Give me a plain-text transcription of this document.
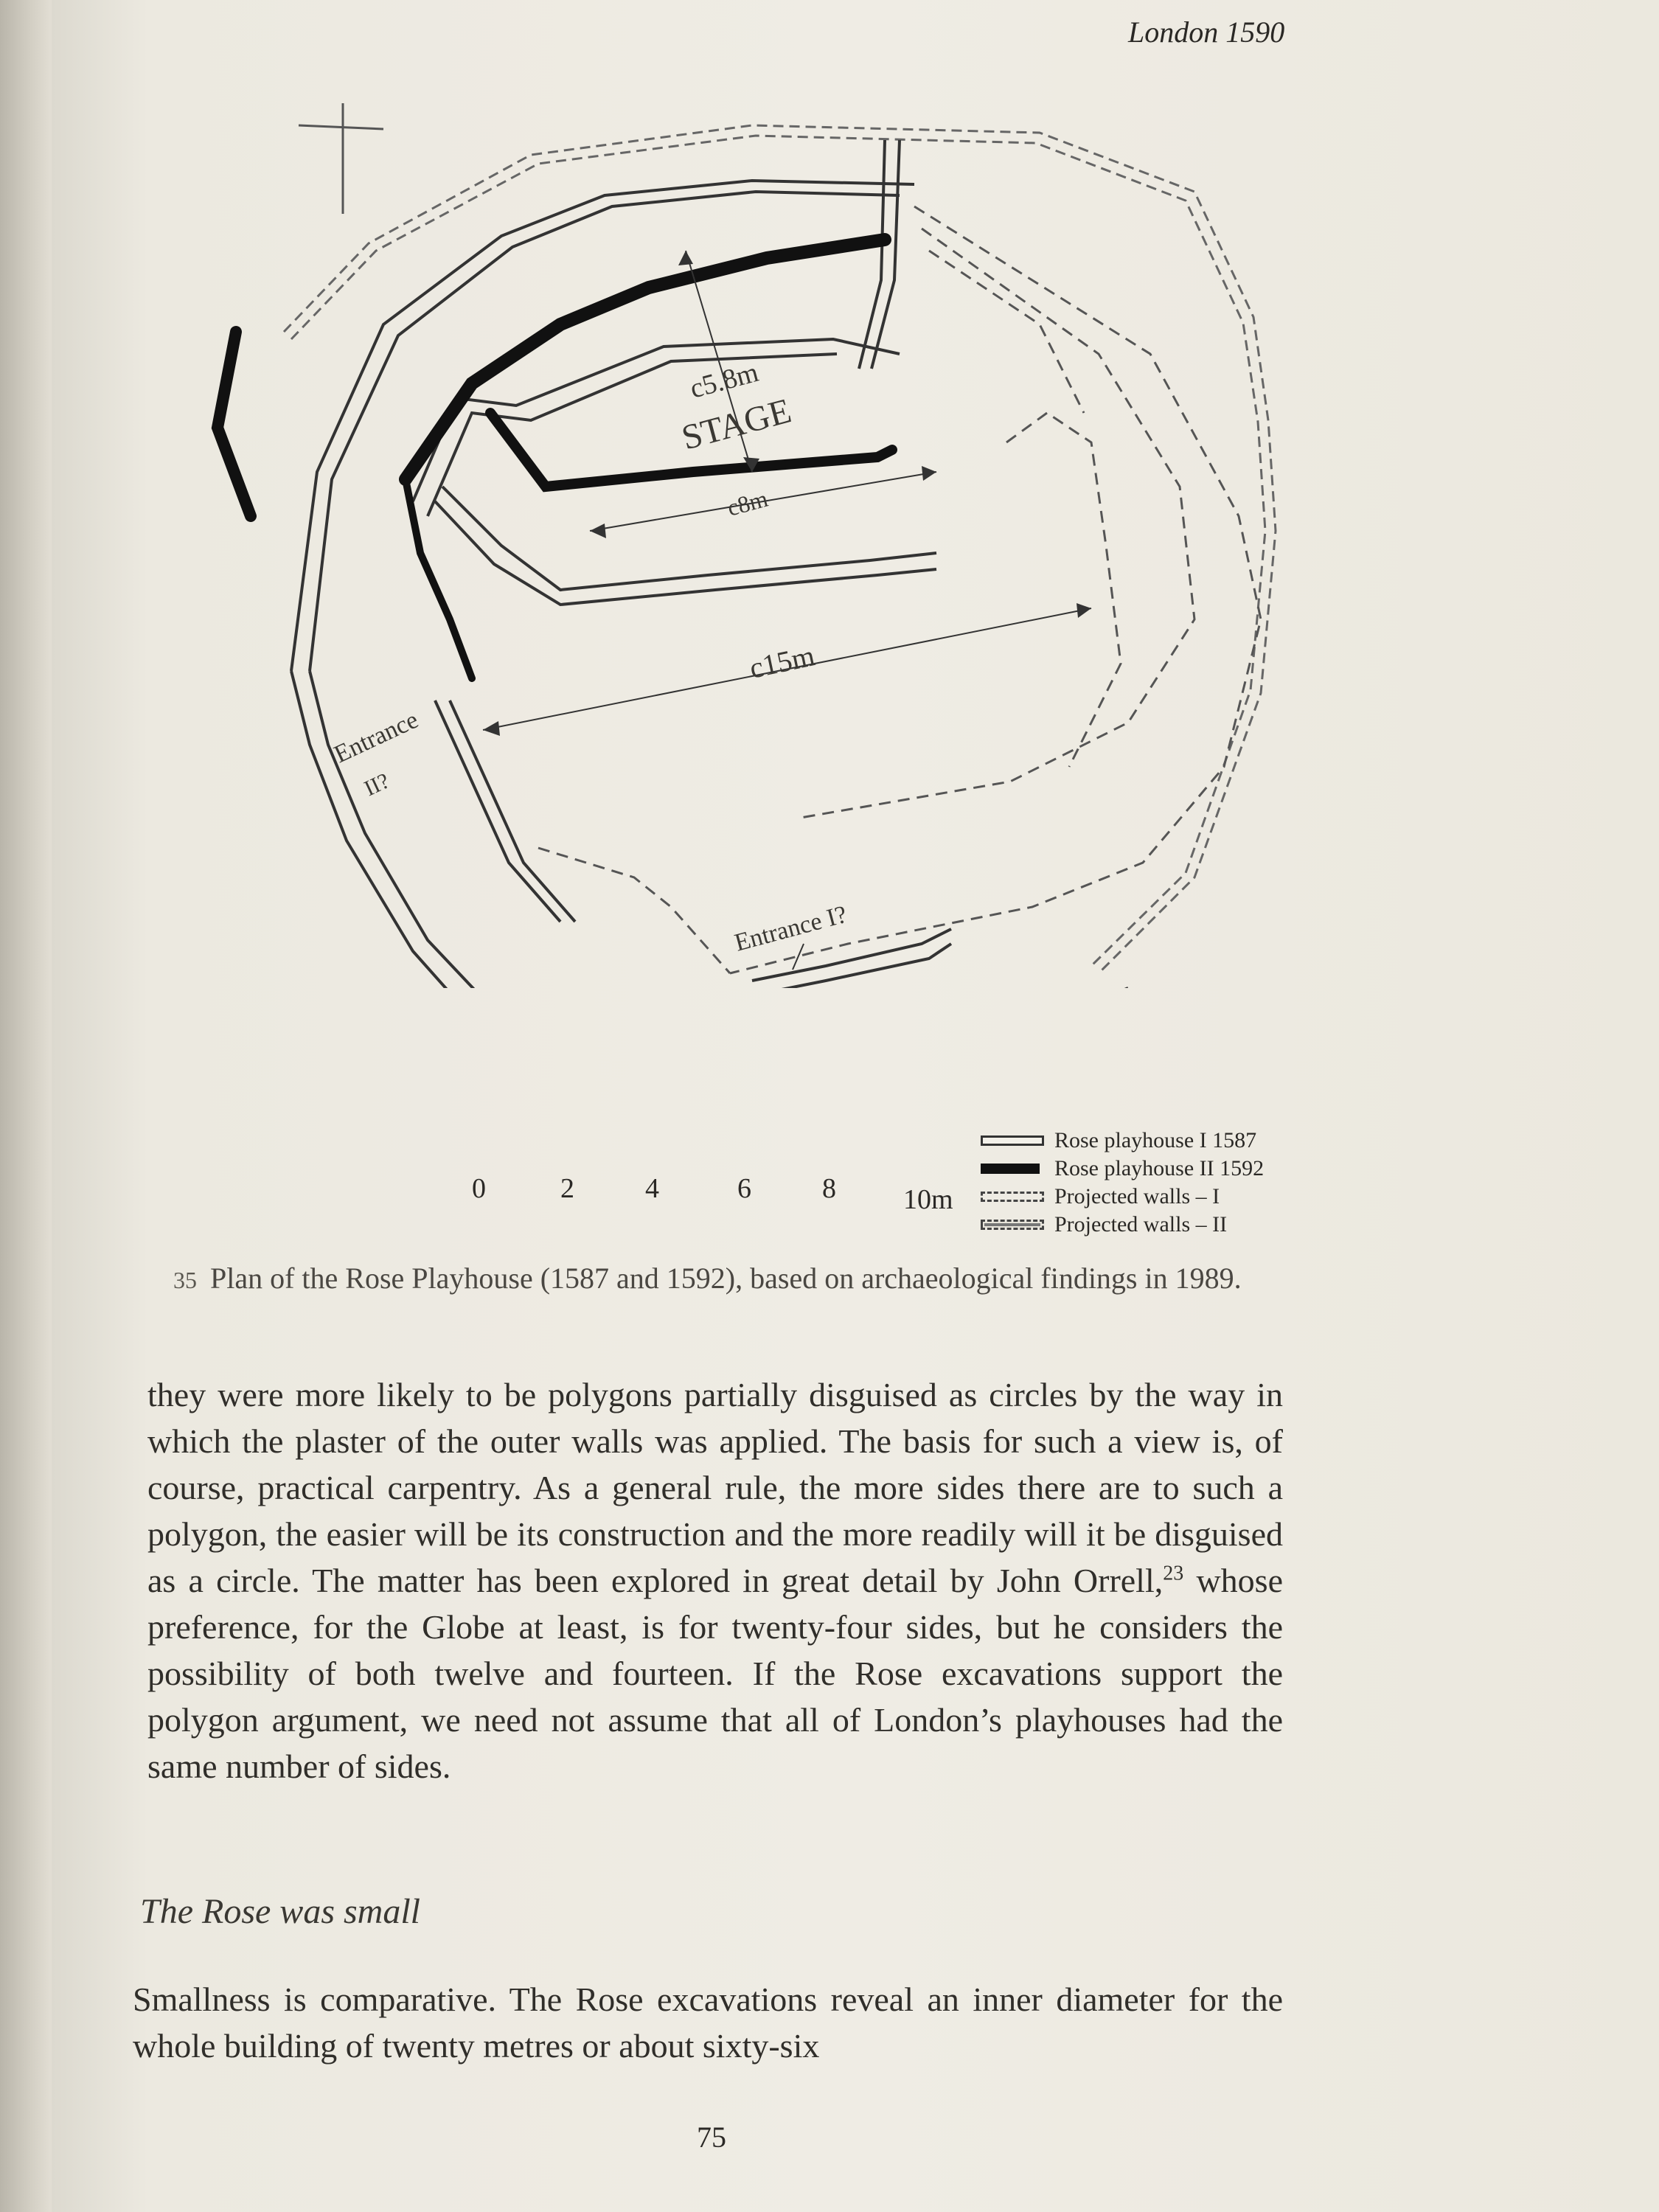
London 1590
c5.8m
STAGE
c8m
c15m
Entrance
II?
Entrance I?
0	2	4	6	8 10m
Rose playhouse I 1587
Rose playhouse II 1592
Projected walls – I
Projected walls – II
35 Plan of the Rose Playhouse (1587 and 1592), based on archaeological findings in 1989.
they were more likely to be polygons partially disguised as circles by the way in which the plaster of the outer walls was applied. The basis for such a view is, of course, practical carpentry. As a general rule, the more sides there are to such a polygon, the easier will be its construction and the more readily will it be disguised as a circle. The matter has been explored in great detail by John Orrell,$^{23}$ whose preference, for the Globe at least, is for twenty-four sides, but he considers the possibility of both twelve and fourteen. If the Rose excavations support the polygon argument, we need not assume that all of London’s playhouses had the same number of sides.
The Rose was small
Smallness is comparative. The Rose excavations reveal an inner diameter for the whole building of twenty metres or about sixty-six
75
